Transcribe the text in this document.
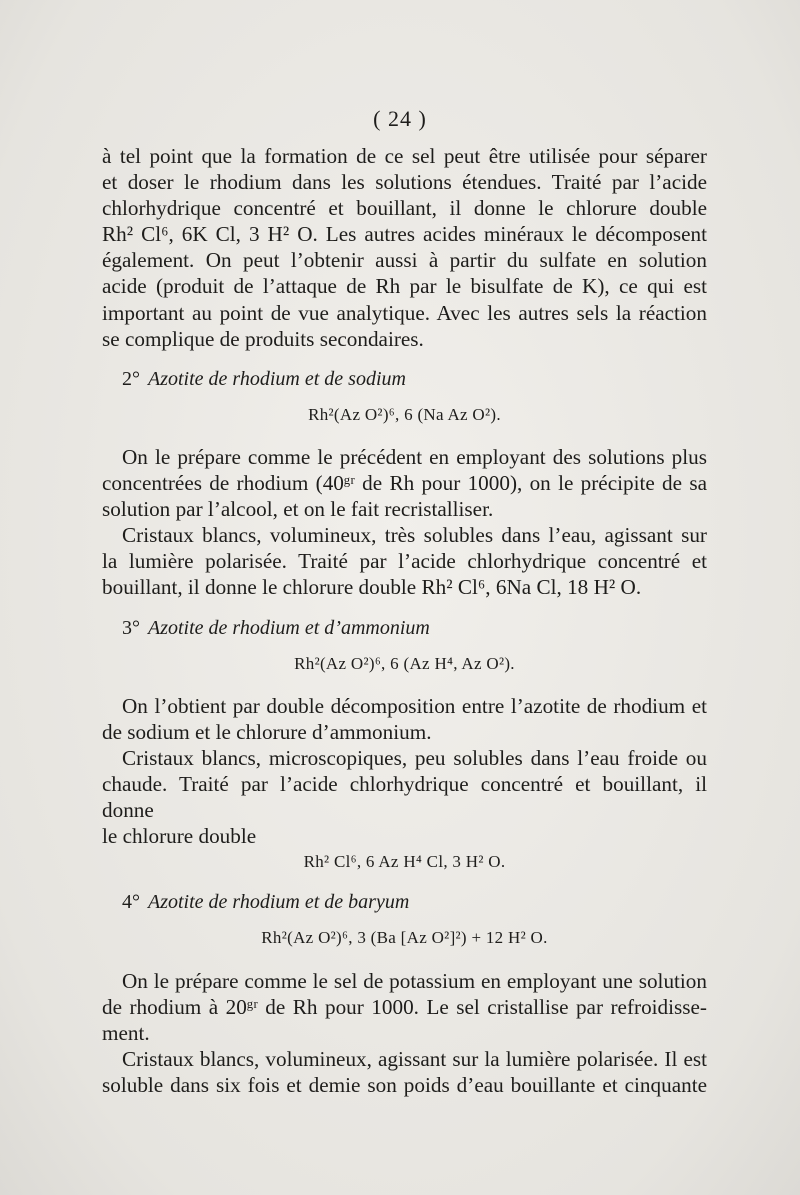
( 24 )

à tel point que la formation de ce sel peut être utilisée pour séparer

et doser le rhodium dans les solutions étendues. Traité par l’acide

chlorhydrique concentré et bouillant, il donne le chlorure double

Rh² Cl⁶, 6K Cl, 3 H² O. Les autres acides minéraux le décomposent

également. On peut l’obtenir aussi à partir du sulfate en solution

acide (produit de l’attaque de Rh par le bisulfate de K), ce qui est

important au point de vue analytique. Avec les autres sels la réaction

se complique de produits secondaires.

2° Azotite de rhodium et de sodium
Rh²(Az O²)⁶, 6 (Na Az O²).

On le prépare comme le précédent en employant des solutions plus

concentrées de rhodium (40ᵍʳ de Rh pour 1000), on le précipite de sa

solution par l’alcool, et on le fait recristalliser.

Cristaux blancs, volumineux, très solubles dans l’eau, agissant sur

la lumière polarisée. Traité par l’acide chlorhydrique concentré et

bouillant, il donne le chlorure double Rh² Cl⁶, 6Na Cl, 18 H² O.

3° Azotite de rhodium et d’ammonium
Rh²(Az O²)⁶, 6 (Az H⁴, Az O²).

On l’obtient par double décomposition entre l’azotite de rhodium et

de sodium et le chlorure d’ammonium.

Cristaux blancs, microscopiques, peu solubles dans l’eau froide ou

chaude. Traité par l’acide chlorhydrique concentré et bouillant, il donne

le chlorure double

Rh² Cl⁶, 6 Az H⁴ Cl, 3 H² O.
4° Azotite de rhodium et de baryum
Rh²(Az O²)⁶, 3 (Ba [Az O²]²) + 12 H² O.

On le prépare comme le sel de potassium en employant une solution

de rhodium à 20ᵍʳ de Rh pour 1000. Le sel cristallise par refroidisse-

ment.

Cristaux blancs, volumineux, agissant sur la lumière polarisée. Il est

soluble dans six fois et demie son poids d’eau bouillante et cinquante
